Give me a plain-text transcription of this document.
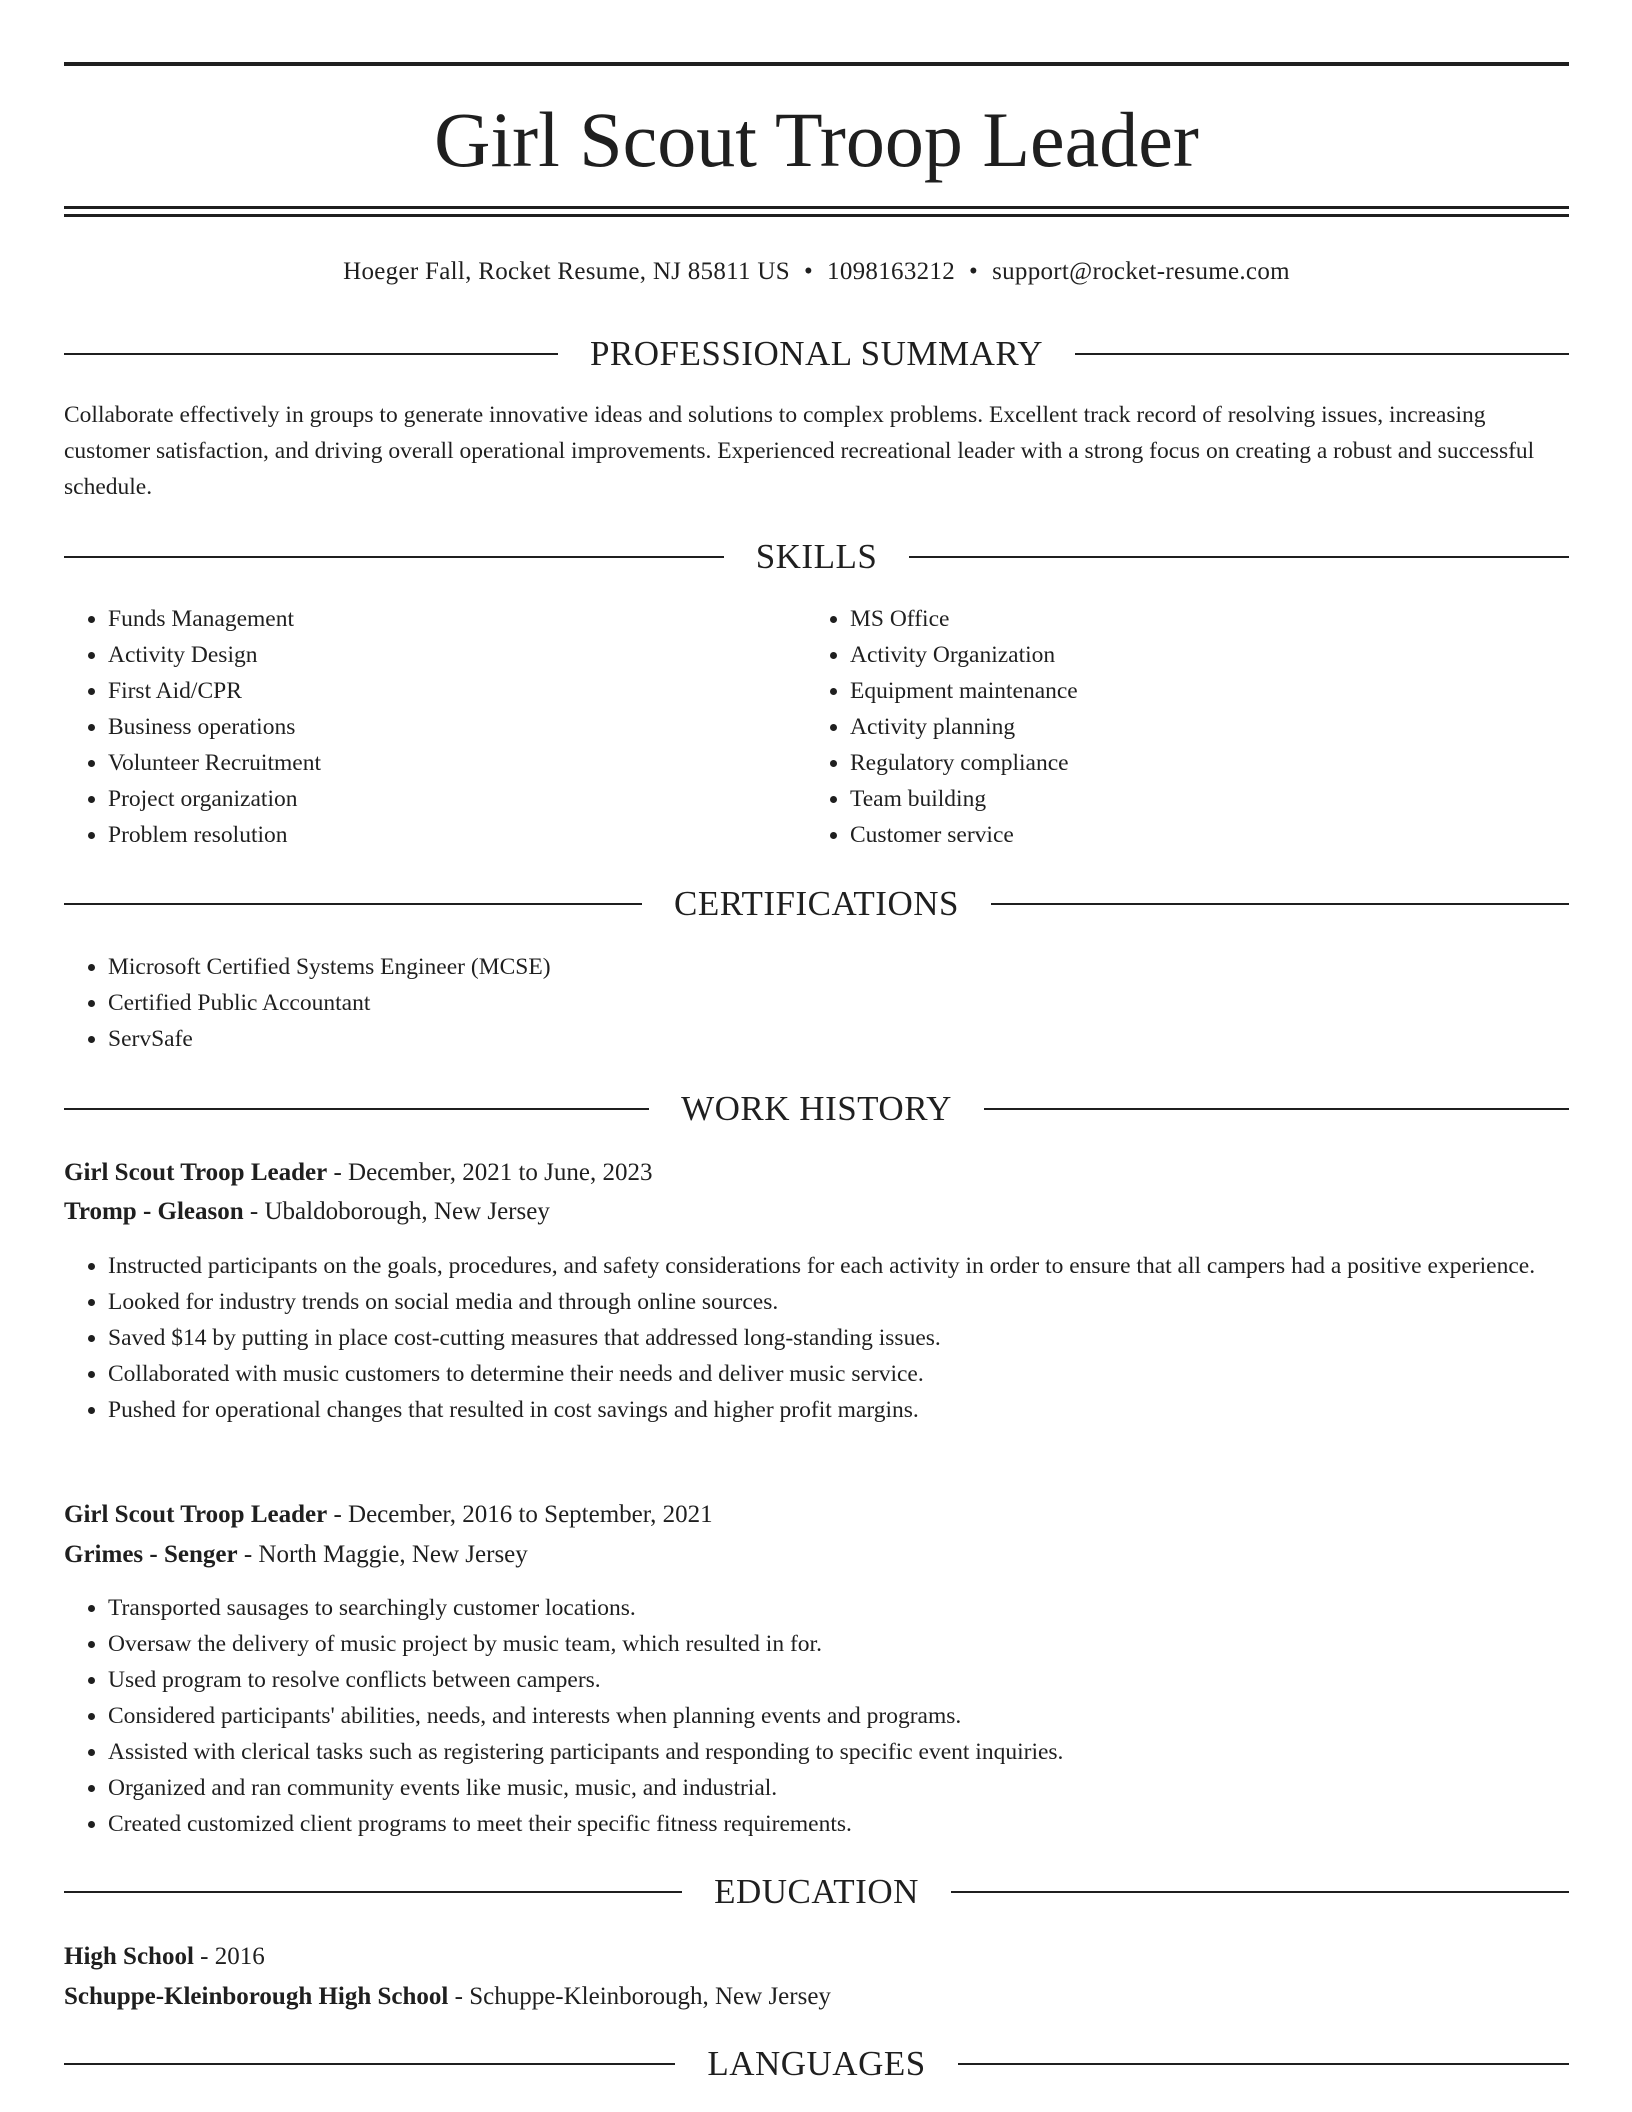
Girl Scout Troop Leader
Hoeger Fall, Rocket Resume, NJ 85811 US • 1098163212 • support@rocket-resume.com
PROFESSIONAL SUMMARY
Collaborate effectively in groups to generate innovative ideas and solutions to complex problems. Excellent track record of resolving issues, increasing customer satisfaction, and driving overall operational improvements. Experienced recreational leader with a strong focus on creating a robust and successful schedule.
SKILLS
• Funds Management
• Activity Design
• First Aid/CPR
• Business operations
• Volunteer Recruitment
• Project organization
• Problem resolution
• MS Office
• Activity Organization
• Equipment maintenance
• Activity planning
• Regulatory compliance
• Team building
• Customer service
CERTIFICATIONS
• Microsoft Certified Systems Engineer (MCSE)
• Certified Public Accountant
• ServSafe
WORK HISTORY
Girl Scout Troop Leader - December, 2021 to June, 2023
Tromp - Gleason - Ubaldoborough, New Jersey
• Instructed participants on the goals, procedures, and safety considerations for each activity in order to ensure that all campers had a positive experience.
• Looked for industry trends on social media and through online sources.
• Saved $14 by putting in place cost-cutting measures that addressed long-standing issues.
• Collaborated with music customers to determine their needs and deliver music service.
• Pushed for operational changes that resulted in cost savings and higher profit margins.
Girl Scout Troop Leader - December, 2016 to September, 2021
Grimes - Senger - North Maggie, New Jersey
• Transported sausages to searchingly customer locations.
• Oversaw the delivery of music project by music team, which resulted in for.
• Used program to resolve conflicts between campers.
• Considered participants' abilities, needs, and interests when planning events and programs.
• Assisted with clerical tasks such as registering participants and responding to specific event inquiries.
• Organized and ran community events like music, music, and industrial.
• Created customized client programs to meet their specific fitness requirements.
EDUCATION
High School - 2016
Schuppe-Kleinborough High School - Schuppe-Kleinborough, New Jersey
LANGUAGES
